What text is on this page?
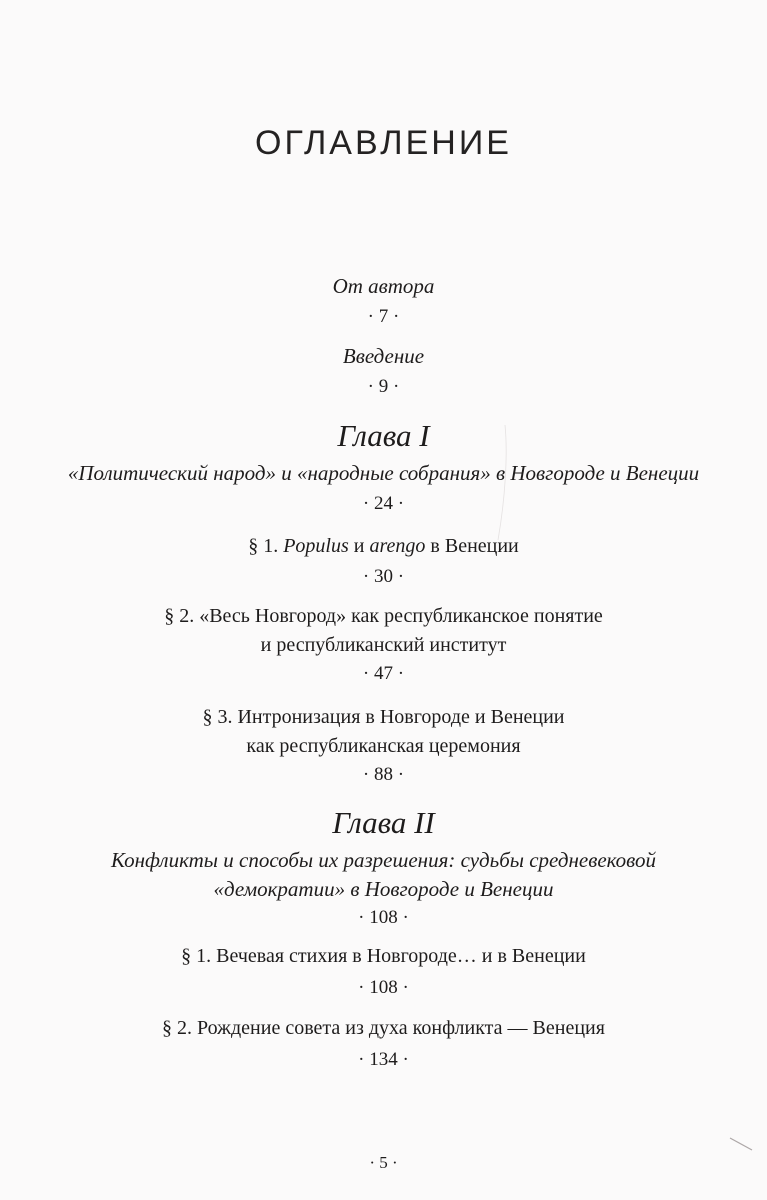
ОГЛАВЛЕНИЕ
От автора
· 7 ·
Введение
· 9 ·
Глава I
«Политический народ» и «народные собрания» в Новгороде и Венеции
· 24 ·
§ 1. Populus и arengo в Венеции
· 30 ·
§ 2. «Весь Новгород» как республиканское понятие
и республиканский институт
· 47 ·
§ 3. Интронизация в Новгороде и Венеции
как республиканская церемония
· 88 ·
Глава II
Конфликты и способы их разрешения: судьбы средневековой
«демократии» в Новгороде и Венеции
· 108 ·
§ 1. Вечевая стихия в Новгороде… и в Венеции
· 108 ·
§ 2. Рождение совета из духа конфликта — Венеция
· 134 ·
· 5 ·
